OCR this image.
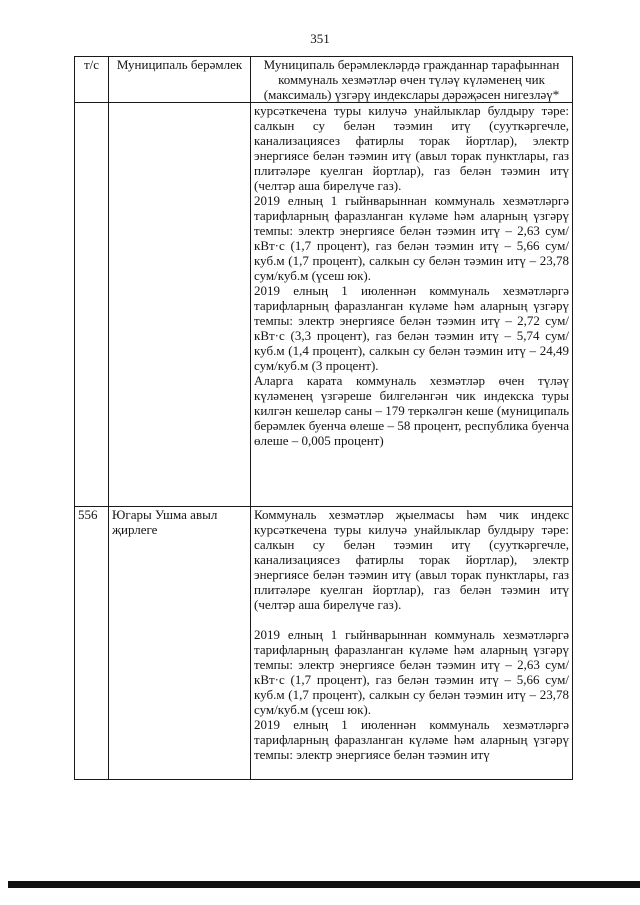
351
т/с	Муниципаль берәмлек	Муниципаль берәмлекләрдә гражданнар тарафыннан коммуналь хезмәтләр өчен түләү күләменең чик (максималь) үзгәрү индекслары дәрәҗәсен нигезләү*

		курсәткечена туры килучә унайлыклар булдыру тәре: салкын су белән тәэмин итү (сууткәргечле, канализациясез фатирлы торак йортлар), электр энергиясе белән тәэмин итү (авыл торак пунктлары, газ плитәләре куелган йортлар), газ белән тәэмин итү (челтәр аша бирелүче газ).

2019 елның 1 гыйнварыннан коммуналь хезмәтләргә тарифларның фаразланган күләме һәм аларның үзгәрү темпы: электр энергиясе белән тәэмин итү – 2,63 сум/кВт·с (1,7 процент), газ белән тәэмин итү – 5,66 сум/куб.м (1,7 процент), салкын су белән тәэмин итү – 23,78 сум/куб.м (үсеш юк).

2019 елның 1 июленнән коммуналь хезмәтләргә тарифларның фаразланган күләме һәм аларның үзгәрү темпы: электр энергиясе белән тәэмин итү – 2,72 сум/кВт·с (3,3 процент), газ белән тәэмин итү – 5,74 сум/куб.м (1,4 процент), салкын су белән тәэмин итү – 24,49 сум/куб.м (3 процент).

Аларга карата коммуналь хезмәтләр өчен түләү күләменең үзгәреше билгеләнгән чик индекска туры килгән кешеләр саны – 179 теркәлгән кеше (муниципаль берәмлек буенча өлеше – 58 процент, республика буенча өлеше – 0,005 процент)

556	Югары Ушма авыл җирлеге	Коммуналь хезмәтләр җыелмасы һәм чик индекс курсәткечена туры килучә унайлыклар булдыру тәре: салкын су белән тәэмин итү (сууткәргечле, канализациясез фатирлы торак йортлар), электр энергиясе белән тәэмин итү (авыл торак пунктлары, газ плитәләре куелган йортлар), газ белән тәэмин итү (челтәр аша бирелүче газ).

2019 елның 1 гыйнварыннан коммуналь хезмәтләргә тарифларның фаразланган күләме һәм аларның үзгәрү темпы: электр энергиясе белән тәэмин итү – 2,63 сум/кВт·с (1,7 процент), газ белән тәэмин итү – 5,66 сум/куб.м (1,7 процент), салкын су белән тәэмин итү – 23,78 сум/куб.м (үсеш юк).

2019 елның 1 июленнән коммуналь хезмәтләргә тарифларның фаразланган күләме һәм аларның үзгәрү темпы: электр энергиясе белән тәэмин итү
